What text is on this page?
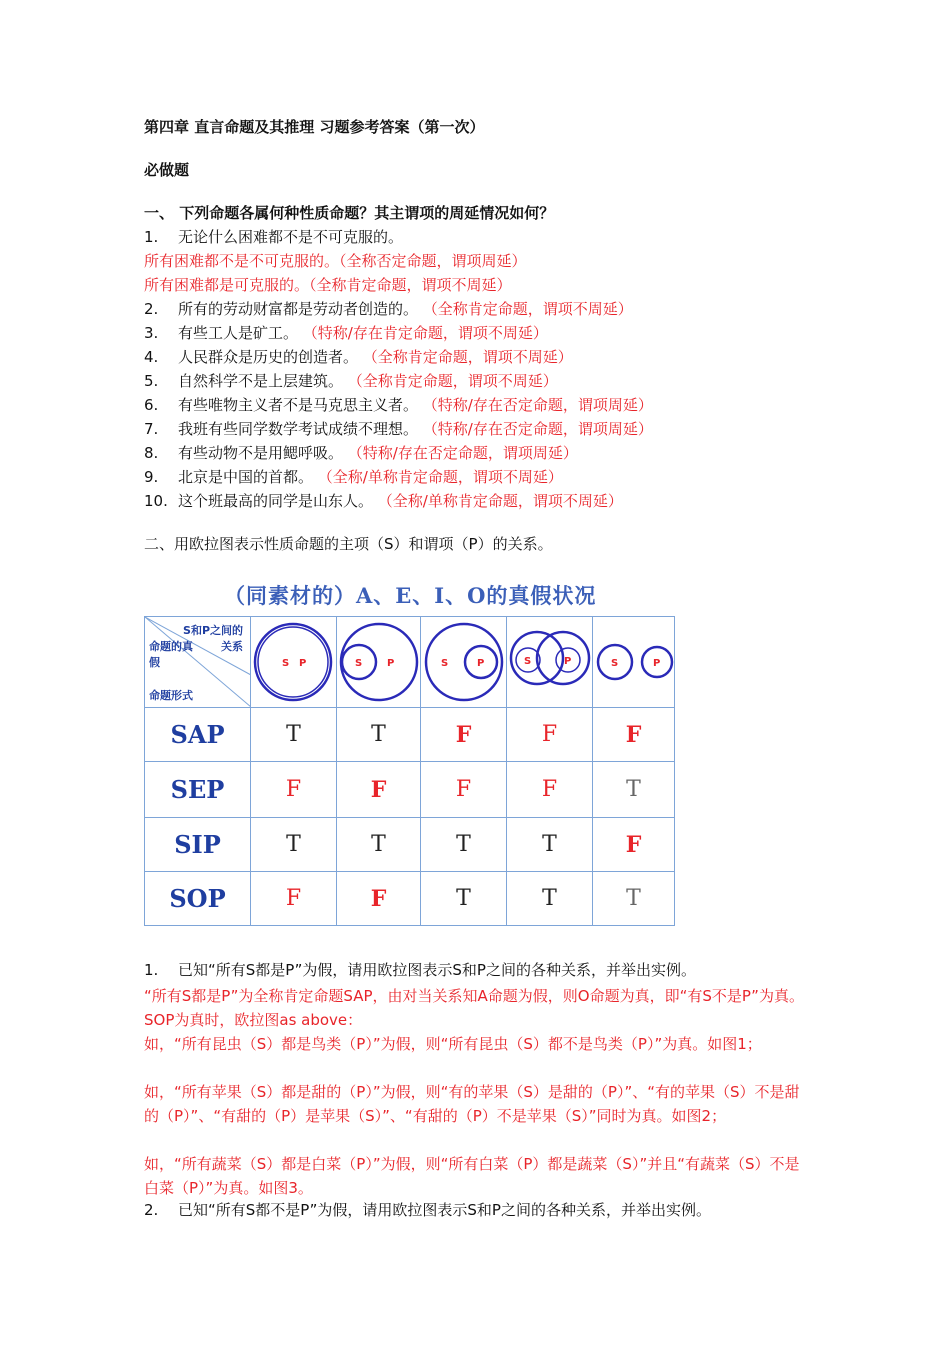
第四章 直言命题及其推理 习题参考答案（第一次）
必做题
一、 下列命题各属何种性质命题？其主谓项的周延情况如何？
1. 无论什么困难都不是不可克服的。
所有困难都不是不可克服的。（全称否定命题，谓项周延）
所有困难都是可克服的。（全称肯定命题，谓项不周延）
2. 所有的劳动财富都是劳动者创造的。 （全称肯定命题，谓项不周延）
3. 有些工人是矿工。 （特称/存在肯定命题，谓项不周延）
4. 人民群众是历史的创造者。 （全称肯定命题，谓项不周延）
5. 自然科学不是上层建筑。 （全称肯定命题，谓项不周延）
6. 有些唯物主义者不是马克思主义者。 （特称/存在否定命题，谓项周延）
7. 我班有些同学数学考试成绩不理想。 （特称/存在否定命题，谓项周延）
8. 有些动物不是用鳃呼吸。 （特称/存在否定命题，谓项周延）
9. 北京是中国的首都。 （全称/单称肯定命题，谓项不周延）
10. 这个班最高的同学是山东人。 （全称/单称肯定命题，谓项不周延）
二、用欧拉图表示性质命题的主项（S）和谓项（P）的关系。
（同素材的）A、E、I、O的真假状况
S和P之间的关系
命题的真假
命题形式	S P	S P	S P	S P	S P

SAP	T	T	F	F	F
SEP	F	F	F	F	T
SIP	T	T	T	T	F
SOP	F	F	T	T	T
1. 已知“所有S都是P”为假，请用欧拉图表示S和P之间的各种关系，并举出实例。
“所有S都是P”为全称肯定命题SAP，由对当关系知A命题为假，则O命题为真，即“有S不是P”为真。SOP为真时，欧拉图as above：
如，“所有昆虫（S）都是鸟类（P）”为假，则“所有昆虫（S）都不是鸟类（P）”为真。如图1；
如，“所有苹果（S）都是甜的（P）”为假，则“有的苹果（S）是甜的（P）”、“有的苹果（S）不是甜的（P）”、“有甜的（P）是苹果（S）”、“有甜的（P）不是苹果（S）”同时为真。如图2；
如，“所有蔬菜（S）都是白菜（P）”为假，则“所有白菜（P）都是蔬菜（S）”并且“有蔬菜（S）不是白菜（P）”为真。如图3。
2. 已知“所有S都不是P”为假，请用欧拉图表示S和P之间的各种关系，并举出实例。
